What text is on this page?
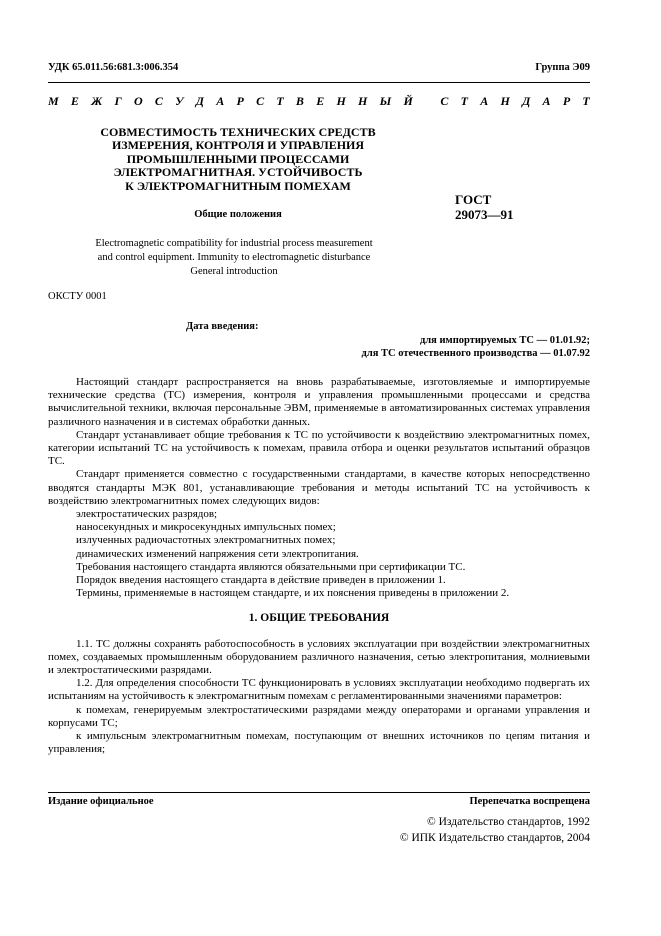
УДК 65.011.56:681.3:006.354	Группа Э09
М Е Ж Г О С У Д А Р С Т В Е Н Н Ы Й
С Т А Н Д А Р Т
СОВМЕСТИМОСТЬ ТЕХНИЧЕСКИХ СРЕДСТВ
ИЗМЕРЕНИЯ, КОНТРОЛЯ И УПРАВЛЕНИЯ
ПРОМЫШЛЕННЫМИ ПРОЦЕССАМИ
ЭЛЕКТРОМАГНИТНАЯ. УСТОЙЧИВОСТЬ
К ЭЛЕКТРОМАГНИТНЫМ ПОМЕХАМ
ГОСТ
29073—91
Общие положения
Electromagnetic compatibility for industrial process measurement
and control equipment. Immunity to electromagnetic disturbance
General introduction
ОКСТУ 0001
Дата введения:
для импортируемых ТС — 01.01.92;
для ТС отечественного производства — 01.07.92

Настоящий стандарт распространяется на вновь разрабатываемые, изготовляемые и импортируемые технические средства (ТС) измерения, контроля и управления промышленными процессами и средства вычислительной техники, включая персональные ЭВМ, применяемые в автоматизированных системах управления различного назначения и в системах обработки данных.

Стандарт устанавливает общие требования к ТС по устойчивости к воздействию электромагнитных помех, категории испытаний ТС на устойчивость к помехам, правила отбора и оценки результатов испытаний образцов ТС.

Стандарт применяется совместно с государственными стандартами, в качестве которых непосредственно вводятся стандарты МЭК 801, устанавливающие требования и методы испытаний ТС на устойчивость к воздействию электромагнитных помех следующих видов:

электростатических разрядов;

наносекундных и микросекундных импульсных помех;

излученных радиочастотных электромагнитных помех;

динамических изменений напряжения сети электропитания.

Требования настоящего стандарта являются обязательными при сертификации ТС.

Порядок введения настоящего стандарта в действие приведен в приложении 1.

Термины, применяемые в настоящем стандарте, и их пояснения приведены в приложении 2.

1. ОБЩИЕ ТРЕБОВАНИЯ

1.1. ТС должны сохранять работоспособность в условиях эксплуатации при воздействии электромагнитных помех, создаваемых промышленным оборудованием различного назначения, сетью электропитания, молниевыми и электростатическими разрядами.

1.2. Для определения способности ТС функционировать в условиях эксплуатации необходимо подвергать их испытаниям на устойчивость к электромагнитным помехам с регламентированными значениями параметров:

к помехам, генерируемым электростатическими разрядами между операторами и органами управления и корпусами ТС;

к импульсным электромагнитным помехам, поступающим от внешних источников по цепям питания и управления;

Издание официальное	Перепечатка воспрещена
© Издательство стандартов, 1992
© ИПК Издательство стандартов, 2004
